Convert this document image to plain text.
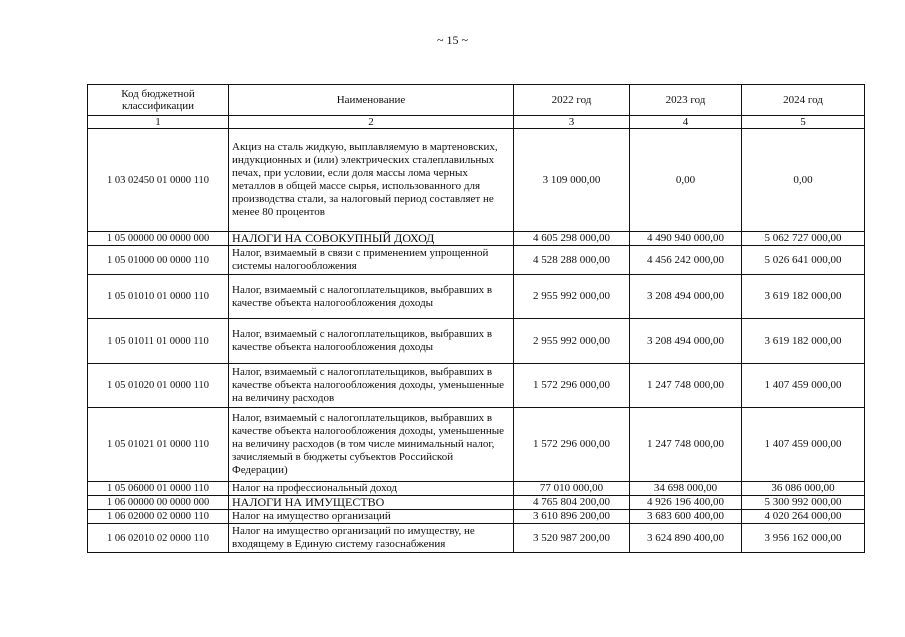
~ 15 ~
Код бюджетной классификации	Наименование	2022 год	2023 год	2024 год
1	2	3	4	5
1 03 02450 01 0000 110	Акциз на сталь жидкую, выплавляемую в мартеновских, индукционных и (или) электрических сталеплавильных печах, при условии, если доля массы лома черных металлов в общей массе сырья, использованного для производства стали, за налоговый период составляет не менее 80 процентов	3 109 000,00	0,00	0,00
1 05 00000 00 0000 000	НАЛОГИ НА СОВОКУПНЫЙ ДОХОД	4 605 298 000,00	4 490 940 000,00	5 062 727 000,00
1 05 01000 00 0000 110	Налог, взимаемый в связи с применением упрощенной системы налогообложения	4 528 288 000,00	4 456 242 000,00	5 026 641 000,00
1 05 01010 01 0000 110	Налог, взимаемый с налогоплательщиков, выбравших в качестве объекта налогообложения доходы	2 955 992 000,00	3 208 494 000,00	3 619 182 000,00
1 05 01011 01 0000 110	Налог, взимаемый с налогоплательщиков, выбравших в качестве объекта налогообложения доходы	2 955 992 000,00	3 208 494 000,00	3 619 182 000,00
1 05 01020 01 0000 110	Налог, взимаемый с налогоплательщиков, выбравших в качестве объекта налогообложения доходы, уменьшенные на величину расходов	1 572 296 000,00	1 247 748 000,00	1 407 459 000,00
1 05 01021 01 0000 110	Налог, взимаемый с налогоплательщиков, выбравших в качестве объекта налогообложения доходы, уменьшенные на величину расходов (в том числе минимальный налог, зачисляемый в бюджеты субъектов Российской Федерации)	1 572 296 000,00	1 247 748 000,00	1 407 459 000,00
1 05 06000 01 0000 110	Налог на профессиональный доход	77 010 000,00	34 698 000,00	36 086 000,00
1 06 00000 00 0000 000	НАЛОГИ НА ИМУЩЕСТВО	4 765 804 200,00	4 926 196 400,00	5 300 992 000,00
1 06 02000 02 0000 110	Налог на имущество организаций	3 610 896 200,00	3 683 600 400,00	4 020 264 000,00
1 06 02010 02 0000 110	Налог на имущество организаций по имуществу, не входящему в Единую систему газоснабжения	3 520 987 200,00	3 624 890 400,00	3 956 162 000,00
